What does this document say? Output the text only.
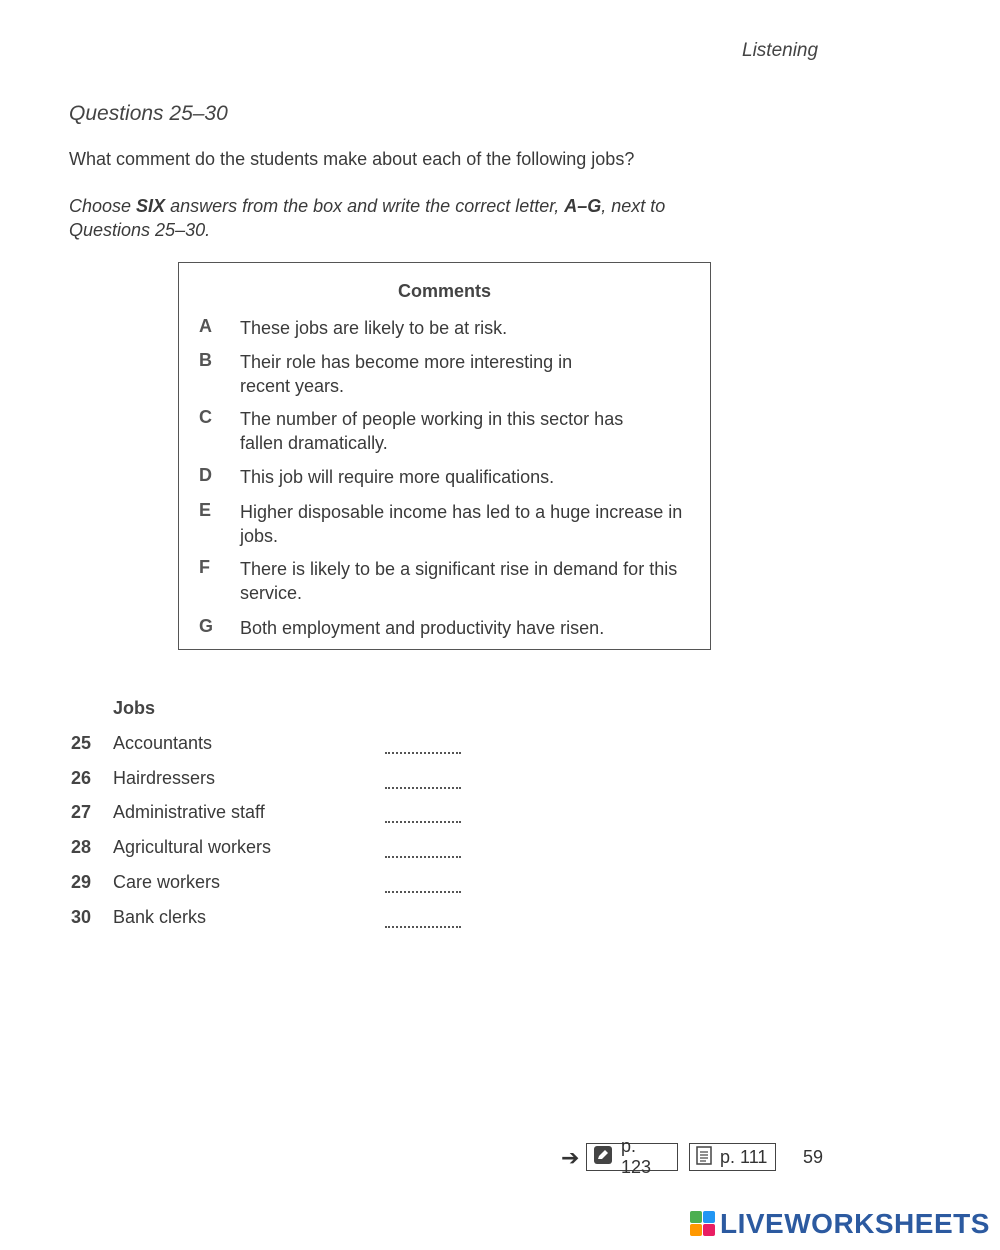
Listening
Questions 25–30
What comment do the students make about each of the following jobs?
Choose SIX answers from the box and write the correct letter, A–G, next to Questions 25–30.
Comments
A These jobs are likely to be at risk.
B Their role has become more interesting in recent years.
C The number of people working in this sector has fallen dramatically.
D This job will require more qualifications.
E Higher disposable income has led to a huge increase in jobs.
F There is likely to be a significant rise in demand for this service.
G Both employment and productivity have risen.
Jobs
25 Accountants
26 Hairdressers
27 Administrative staff
28 Agricultural workers
29 Care workers
30 Bank clerks
➔ p. 123
p. 111 59
LIVEWORKSHEETS
